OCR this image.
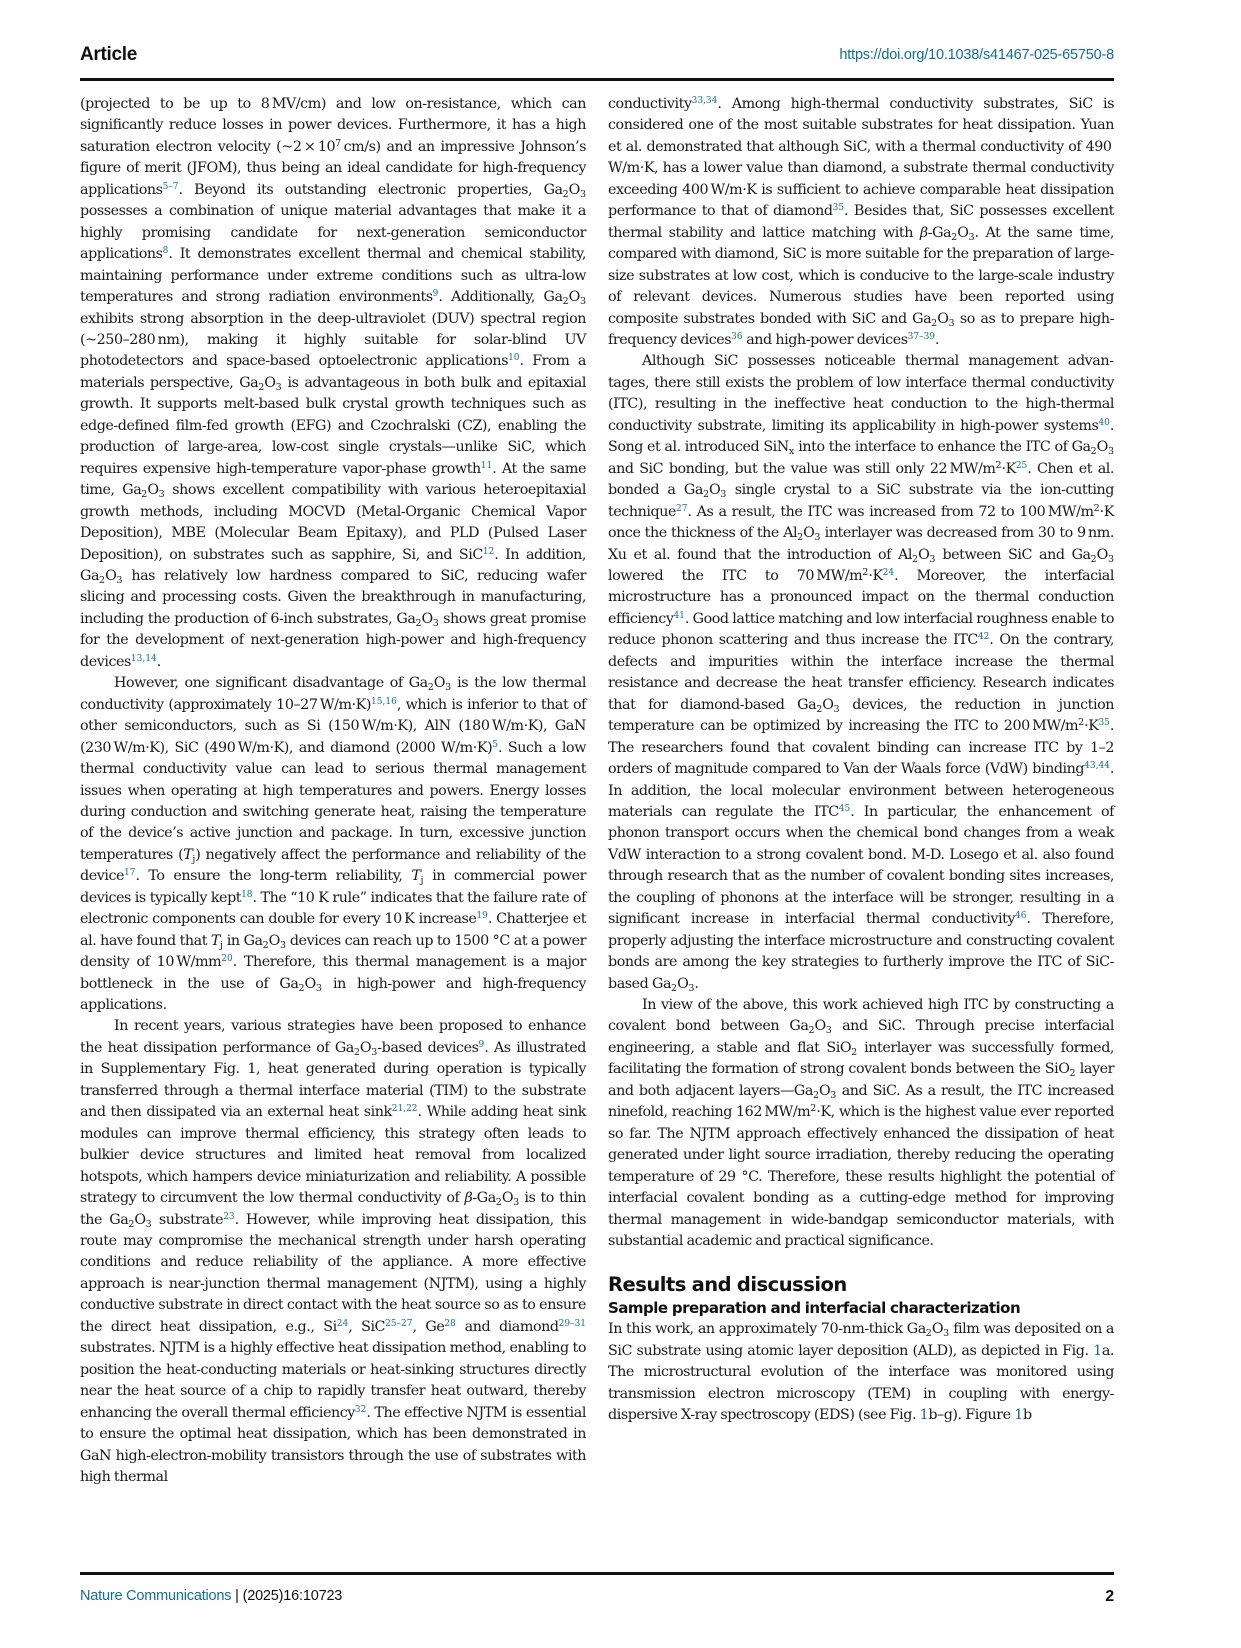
Article	https://doi.org/10.1038/s41467-025-65750-8

(projected to be up to 8 MV/cm) and low on-resistance, which can significantly reduce losses in power devices. Furthermore, it has a high saturation electron velocity (~2 × $10^7$ cm/s) and an impressive Johnson’s figure of merit (JFOM), thus being an ideal candidate for high-frequency applications$^{5-7}$. Beyond its outstanding electronic properties, $Ga_2O_3$ possesses a combination of unique material advantages that make it a highly promising candidate for next-generation semiconductor applications$^8$. It demonstrates excellent thermal and chemical stability, maintaining performance under extreme conditions such as ultra-low temperatures and strong radiation environments$^9$. Additionally, $Ga_2O_3$ exhibits strong absorption in the deep-ultraviolet (DUV) spectral region (~250–280 nm), making it highly suitable for solar-blind UV photodetectors and space-based optoelectronic applications$^{10}$. From a materials perspective, $Ga_2O_3$ is advantageous in both bulk and epitaxial growth. It supports melt-based bulk crystal growth techniques such as edge-defined film-fed growth (EFG) and Czochralski (CZ), enabling the production of large-area, low-cost single crystals—unlike SiC, which requires expensive high-temperature vapor-phase growth$^{11}$. At the same time, $Ga_2O_3$ shows excellent compatibility with various heteroepitaxial growth methods, including MOCVD (Metal-Organic Chemical Vapor Deposition), MBE (Molecular Beam Epitaxy), and PLD (Pulsed Laser Deposition), on substrates such as sapphire, Si, and SiC$^{12}$. In addition, $Ga_2O_3$ has relatively low hardness compared to SiC, reducing wafer slicing and processing costs. Given the breakthrough in manufacturing, including the production of 6-inch substrates, $Ga_2O_3$ shows great promise for the development of next-generation high-power and high-frequency devices$^{13,14}$.

However, one significant disadvantage of $Ga_2O_3$ is the low thermal conductivity (approximately 10–27 W/m·K)$^{15,16}$, which is inferior to that of other semiconductors, such as Si (150 W/m·K), AlN (180 W/m·K), GaN (230 W/m·K), SiC (490 W/m·K), and diamond (2000 W/m·K)$^5$. Such a low thermal conductivity value can lead to serious thermal management issues when operating at high temperatures and powers. Energy losses during conduction and switching generate heat, raising the temperature of the device’s active junction and package. In turn, excessive junction temperatures $(T_j)$ negatively affect the performance and reliability of the device$^{17}$. To ensure the long-term reliability, $T_j$ in commercial power devices is typically kept$^{18}$. The “10 K rule” indicates that the failure rate of electronic components can double for every 10 K increase$^{19}$. Chatterjee et al. have found that $T_j$ in $Ga_2O_3$ devices can reach up to 1500 °C at a power density of 10 W/mm$^{20}$. Therefore, this thermal management is a major bottleneck in the use of $Ga_2O_3$ in high-power and high-frequency applications.

In recent years, various strategies have been proposed to enhance the heat dissipation performance of $Ga_2O_3$-based devices$^9$. As illustrated in Supplementary Fig. 1, heat generated during operation is typically transferred through a thermal interface material (TIM) to the substrate and then dissipated via an external heat sink$^{21,22}$. While adding heat sink modules can improve thermal efficiency, this strategy often leads to bulkier device structures and limited heat removal from localized hotspots, which hampers device miniaturization and reliability. A possible strategy to circumvent the low thermal conductivity of $\beta-Ga_2O_3$ is to thin the $Ga_2O_3$ substrate$^{23}$. However, while improving heat dissipation, this route may compromise the mechanical strength under harsh operating conditions and reduce reliability of the appliance. A more effective approach is near-junction thermal management (NJTM), using a highly conductive substrate in direct contact with the heat source so as to ensure the direct heat dissipation, e.g., Si$^{24}$, SiC$^{25-27}$, Ge$^{28}$ and diamond$^{29-31}$ substrates. NJTM is a highly effective heat dissipation method, enabling to position the heat-conducting materials or heat-sinking structures directly near the heat source of a chip to rapidly transfer heat outward, thereby enhancing the overall thermal efficiency$^{32}$. The effective NJTM is essential to ensure the optimal heat dissipation, which has been demonstrated in GaN high-electron-mobility transistors through the use of substrates with high thermal

conductivity$^{33,34}$. Among high-thermal conductivity substrates, SiC is considered one of the most suitable substrates for heat dissipation. Yuan et al. demonstrated that although SiC, with a thermal conductivity of 490 W/m·K, has a lower value than diamond, a substrate thermal conductivity exceeding 400 W/m·K is sufficient to achieve comparable heat dissipation performance to that of diamond$^{35}$. Besides that, SiC possesses excellent thermal stability and lattice matching with $\beta-Ga_2O_3$. At the same time, compared with diamond, SiC is more suitable for the preparation of large-size substrates at low cost, which is conducive to the large-scale industry of relevant devices. Numerous studies have been reported using composite substrates bonded with SiC and $Ga_2O_3$ so as to prepare high-frequency devices$^{36}$ and high-power devices$^{37-39}$.

Although SiC possesses noticeable thermal management advantages, there still exists the problem of low interface thermal conductivity (ITC), resulting in the ineffective heat conduction to the high-thermal conductivity substrate, limiting its applicability in high-power systems$^{40}$. Song et al. introduced SiN$_x$ into the interface to enhance the ITC of $Ga_2O_3$ and SiC bonding, but the value was still only 22 $MW/m^2\cdot K^{25}$. Chen et al. bonded a $Ga_2O_3$ single crystal to a SiC substrate via the ion-cutting technique$^{27}$. As a result, the ITC was increased from 72 to 100 $MW/m^2\cdot K$ once the thickness of the $Al_2O_3$ interlayer was decreased from 30 to 9 nm. Xu et al. found that the introduction of $Al_2O_3$ between SiC and $Ga_2O_3$ lowered the ITC to 70 $MW/m^2\cdot K^{24}$. Moreover, the interfacial microstructure has a pronounced impact on the thermal conduction efficiency$^{41}$. Good lattice matching and low interfacial roughness enable to reduce phonon scattering and thus increase the ITC$^{42}$. On the contrary, defects and impurities within the interface increase the thermal resistance and decrease the heat transfer efficiency. Research indicates that for diamond-based $Ga_2O_3$ devices, the reduction in junction temperature can be optimized by increasing the ITC to 200 $MW/m^2\cdot K^{35}$. The researchers found that covalent binding can increase ITC by 1–2 orders of magnitude compared to Van der Waals force (VdW) binding$^{43,44}$. In addition, the local molecular environment between heterogeneous materials can regulate the ITC$^{45}$. In particular, the enhancement of phonon transport occurs when the chemical bond changes from a weak VdW interaction to a strong covalent bond. M-D. Losego et al. also found through research that as the number of covalent bonding sites increases, the coupling of phonons at the interface will be stronger, resulting in a significant increase in interfacial thermal conductivity$^{46}$. Therefore, properly adjusting the interface microstructure and constructing covalent bonds are among the key strategies to furtherly improve the ITC of SiC-based $Ga_2O_3$.

In view of the above, this work achieved high ITC by constructing a covalent bond between $Ga_2O_3$ and SiC. Through precise interfacial engineering, a stable and flat SiO$_2$ interlayer was successfully formed, facilitating the formation of strong covalent bonds between the SiO$_2$ layer and both adjacent $layers—Ga_2O_3$ and SiC. As a result, the ITC increased ninefold, reaching 162 $MW/m^2\cdot K$, which is the highest value ever reported so far. The NJTM approach effectively enhanced the dissipation of heat generated under light source irradiation, thereby reducing the operating temperature of 29 °C. Therefore, these results highlight the potential of interfacial covalent bonding as a cutting-edge method for improving thermal management in wide-bandgap semiconductor materials, with substantial academic and practical significance.

Results and discussion
Sample preparation and interfacial characterization

In this work, an approximately 70-nm-thick $Ga_2O_3$ film was deposited on a SiC substrate using atomic layer deposition (ALD), as depicted in Fig. 1a. The microstructural evolution of the interface was monitored using transmission electron microscopy (TEM) in coupling with energy-dispersive X-ray spectroscopy (EDS) (see Fig. 1b–g). Figure 1b

Nature Communications | (2025)16:10723	2
